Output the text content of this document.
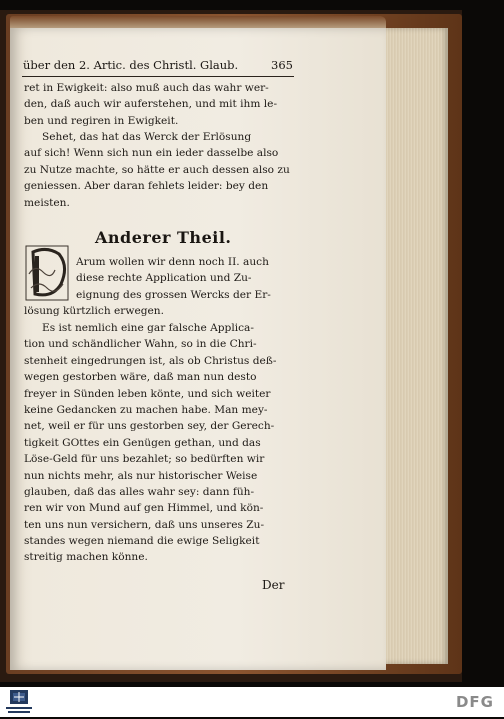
über den 2. Artic. des Christl. Glaub.	365
ret in Ewigkeit: also muß auch das wahr wer-
den, daß auch wir auferstehen, und mit ihm le-
ben und regiren in Ewigkeit.
Sehet, das hat das Werck der Erlösung
auf sich! Wenn sich nun ein ieder dasselbe also
zu Nutze machte, so hätte er auch dessen also zu
geniessen. Aber daran fehlets leider: bey den
meisten.
Anderer Theil.
Arum wollen wir denn noch II. auch
diese rechte Application und Zu-
eignung des grossen Wercks der Er-
lösung kürtzlich erwegen.
Es ist nemlich eine gar falsche Applica-
tion und schändlicher Wahn, so in die Chri-
stenheit eingedrungen ist, als ob Christus deß-
wegen gestorben wäre, daß man nun desto
freyer in Sünden leben könte, und sich weiter
keine Gedancken zu machen habe. Man mey-
net, weil er für uns gestorben sey, der Gerech-
tigkeit GOttes ein Genügen gethan, und das
Löse-Geld für uns bezahlet; so bedürften wir
nun nichts mehr, als nur historischer Weise
glauben, daß das alles wahr sey: dann füh-
ren wir von Mund auf gen Himmel, und kön-
ten uns nun versichern, daß uns unseres Zu-
standes wegen niemand die ewige Seligkeit
streitig machen könne.
Der
DFG
